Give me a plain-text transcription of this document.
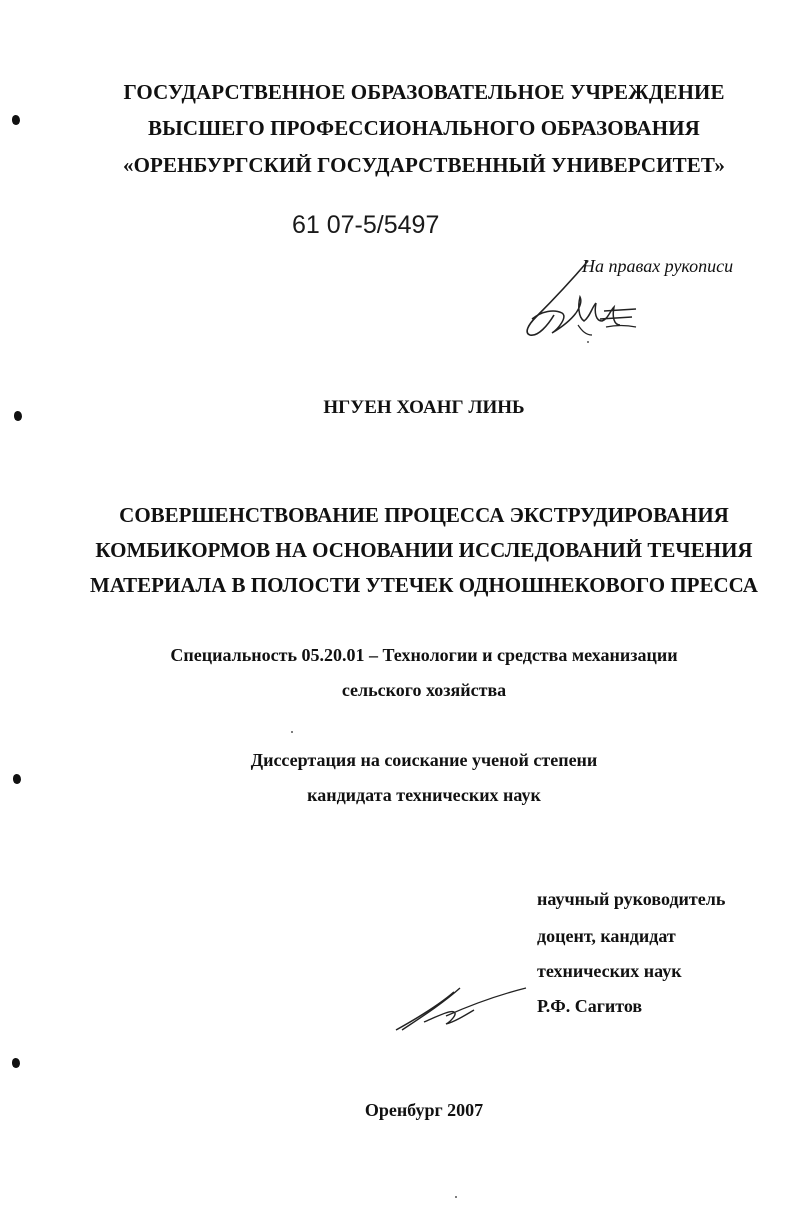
ГОСУДАРСТВЕННОЕ ОБРАЗОВАТЕЛЬНОЕ УЧРЕЖДЕНИЕ
ВЫСШЕГО ПРОФЕССИОНАЛЬНОГО ОБРАЗОВАНИЯ
«ОРЕНБУРГСКИЙ ГОСУДАРСТВЕННЫЙ УНИВЕРСИТЕТ»
61 07-5/5497
На правах рукописи
НГУЕН ХОАНГ ЛИНЬ
СОВЕРШЕНСТВОВАНИЕ ПРОЦЕССА ЭКСТРУДИРОВАНИЯ
КОМБИКОРМОВ НА ОСНОВАНИИ ИССЛЕДОВАНИЙ ТЕЧЕНИЯ
МАТЕРИАЛА В ПОЛОСТИ УТЕЧЕК ОДНОШНЕКОВОГО ПРЕССА
Специальность 05.20.01 – Технологии и средства механизации
сельского хозяйства
Диссертация на соискание ученой степени
кандидата технических наук
научный руководитель
доцент, кандидат
технических наук
Р.Ф. Сагитов
Оренбург 2007
